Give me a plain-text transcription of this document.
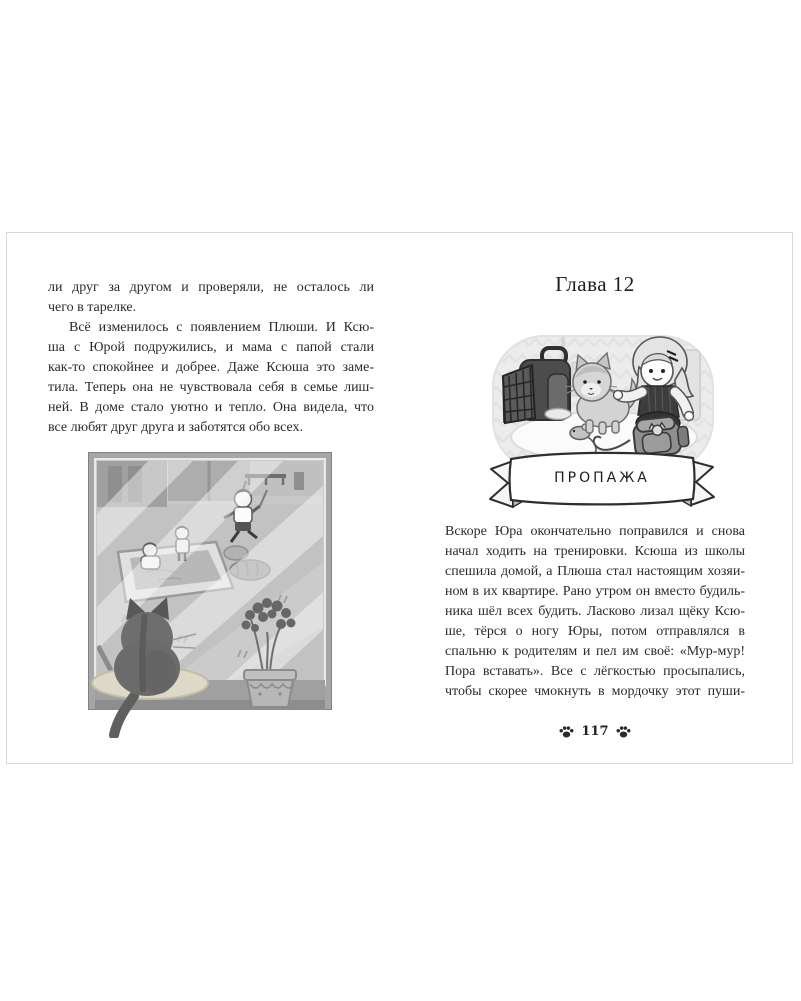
ли друг за другом и проверяли, не осталось ли
чего в тарелке.
Всё изменилось с появлением Плюши. И Ксю-
ша с Юрой подружились, и мама с папой стали
как-то спокойнее и добрее. Даже Ксюша это заме-
тила. Теперь она не чувствовала себя в семье лиш-
ней. В доме стало уютно и тепло. Она видела, что
все любят друг друга и заботятся обо всех.
Глава 12
ПРОПАЖА
Вскоре Юра окончательно поправился и снова
начал ходить на тренировки. Ксюша из школы
спешила домой, а Плюша стал настоящим хозяи-
ном в их квартире. Рано утром он вместо будиль-
ника шёл всех будить. Ласково лизал щёку Ксю-
ше, тёрся о ногу Юры, потом отправлялся в
спальню к родителям и пел им своё: «Мур-мур!
Пора вставать». Все с лёгкостью просыпались,
чтобы скорее чмокнуть в мордочку этот пуши-
117
